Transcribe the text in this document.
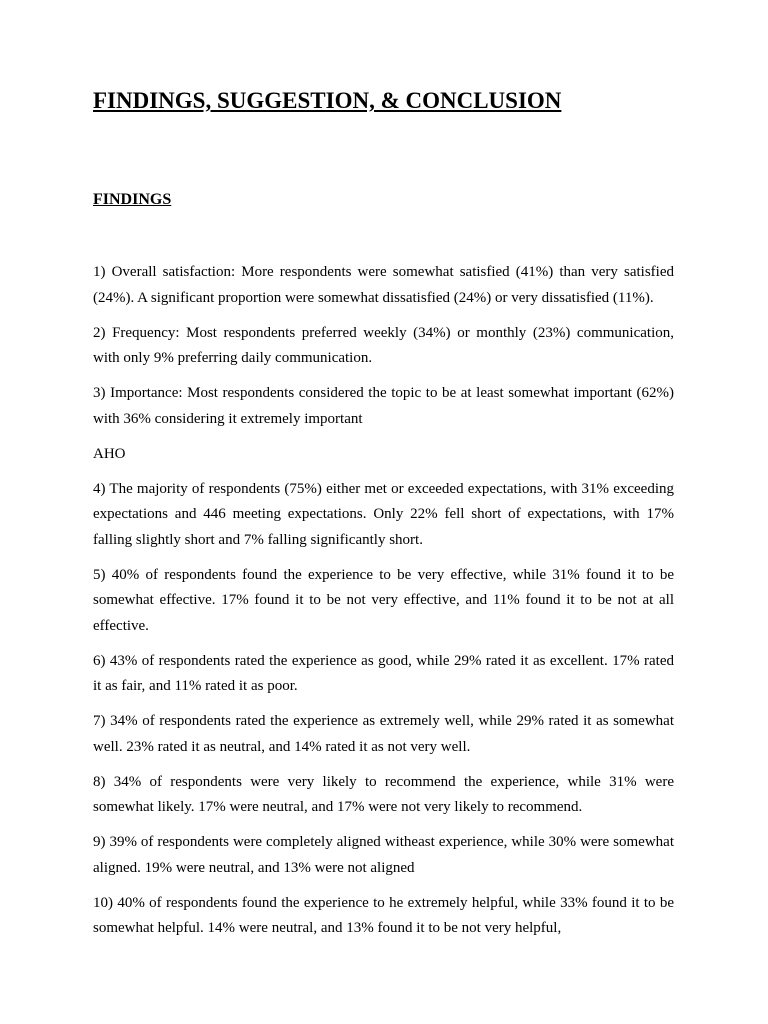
FINDINGS, SUGGESTION, & CONCLUSION
FINDINGS

1) Overall satisfaction: More respondents were somewhat satisfied (41%) than very satisfied (24%). A significant proportion were somewhat dissatisfied (24%) or very dissatisfied (11%).

2) Frequency: Most respondents preferred weekly (34%) or monthly (23%) communication, with only 9% preferring daily communication.

3) Importance: Most respondents considered the topic to be at least somewhat important (62%) with 36% considering it extremely important

AHO

4) The majority of respondents (75%) either met or exceeded expectations, with 31% exceeding expectations and 446 meeting expectations. Only 22% fell short of expectations, with 17% falling slightly short and 7% falling significantly short.

5) 40% of respondents found the experience to be very effective, while 31% found it to be somewhat effective. 17% found it to be not very effective, and 11% found it to be not at all effective.

6) 43% of respondents rated the experience as good, while 29% rated it as excellent. 17% rated it as fair, and 11% rated it as poor.

7) 34% of respondents rated the experience as extremely well, while 29% rated it as somewhat well. 23% rated it as neutral, and 14% rated it as not very well.

8) 34% of respondents were very likely to recommend the experience, while 31% were somewhat likely. 17% were neutral, and 17% were not very likely to recommend.

9) 39% of respondents were completely aligned witheast experience, while 30% were somewhat aligned. 19% were neutral, and 13% were not aligned

10) 40% of respondents found the experience to he extremely helpful, while 33% found it to be somewhat helpful. 14% were neutral, and 13% found it to be not very helpful,
